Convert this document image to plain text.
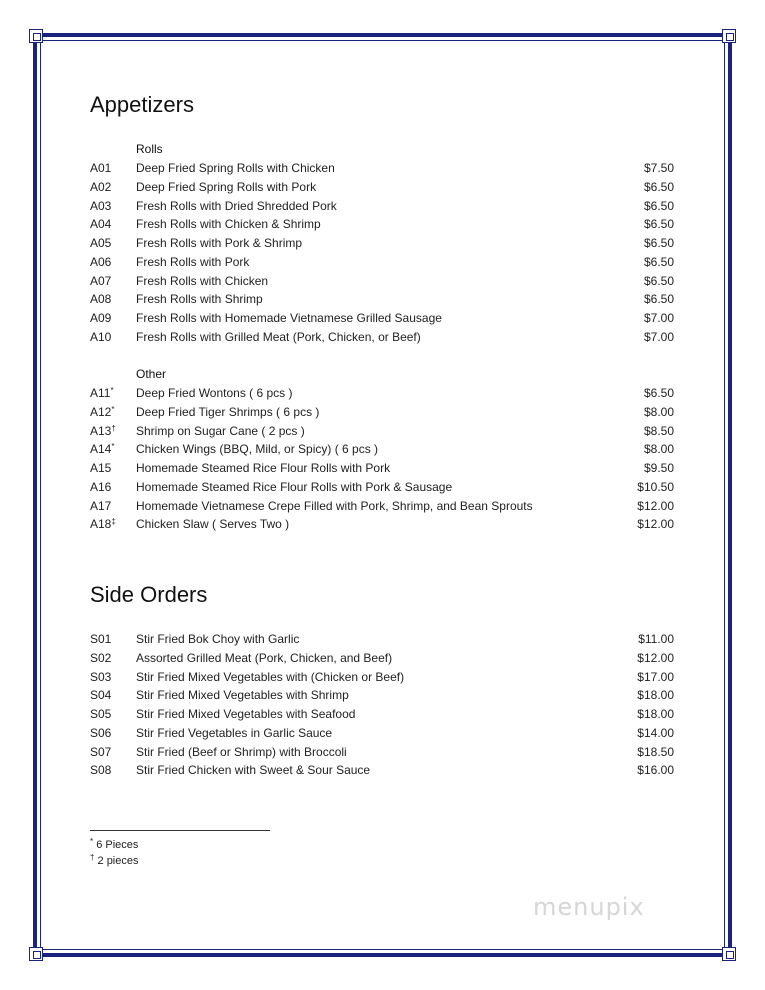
Appetizers
Rolls
A01 Deep Fried Spring Rolls with Chicken	$7.50
A02 Deep Fried Spring Rolls with Pork	$6.50
A03 Fresh Rolls with Dried Shredded Pork	$6.50
A04 Fresh Rolls with Chicken & Shrimp	$6.50
A05 Fresh Rolls with Pork & Shrimp	$6.50
A06 Fresh Rolls with Pork	$6.50
A07 Fresh Rolls with Chicken	$6.50
A08 Fresh Rolls with Shrimp	$6.50
A09 Fresh Rolls with Homemade Vietnamese Grilled Sausage	$7.00
A10 Fresh Rolls with Grilled Meat (Pork, Chicken, or Beef)	$7.00
Other
A11* Deep Fried Wontons ( 6 pcs )	$6.50
A12* Deep Fried Tiger Shrimps ( 6 pcs )	$8.00
A13† Shrimp on Sugar Cane ( 2 pcs )	$8.50
A14* Chicken Wings (BBQ, Mild, or Spicy) ( 6 pcs )	$8.00
A15 Homemade Steamed Rice Flour Rolls with Pork	$9.50
A16 Homemade Steamed Rice Flour Rolls with Pork & Sausage	$10.50
A17 Homemade Vietnamese Crepe Filled with Pork, Shrimp, and Bean Sprouts	$12.00
A18‡ Chicken Slaw ( Serves Two )	$12.00
Side Orders
S01 Stir Fried Bok Choy with Garlic	$11.00
S02 Assorted Grilled Meat (Pork, Chicken, and Beef)	$12.00
S03 Stir Fried Mixed Vegetables with (Chicken or Beef)	$17.00
S04 Stir Fried Mixed Vegetables with Shrimp	$18.00
S05 Stir Fried Mixed Vegetables with Seafood	$18.00
S06 Stir Fried Vegetables in Garlic Sauce	$14.00
S07 Stir Fried (Beef or Shrimp) with Broccoli	$18.50
S08 Stir Fried Chicken with Sweet & Sour Sauce	$16.00
* 6 Pieces
† 2 pieces
menupix
